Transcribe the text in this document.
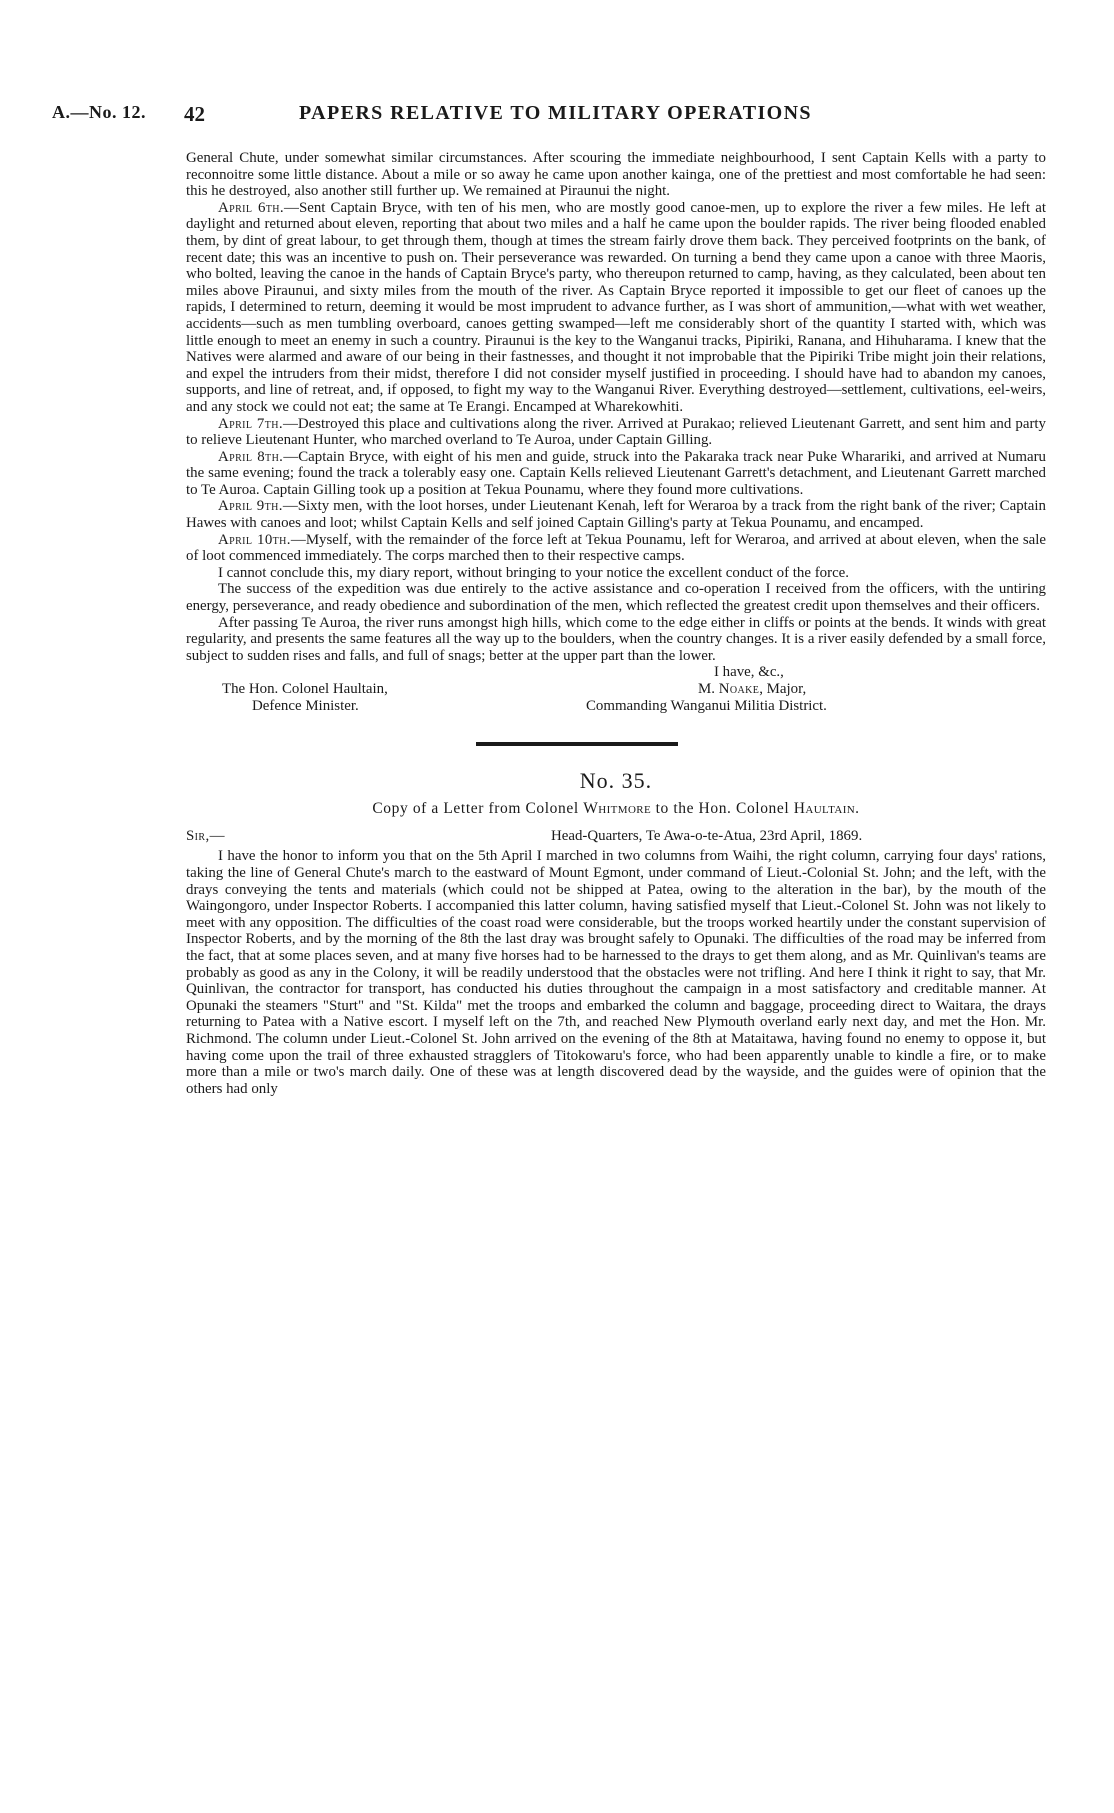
A.—No. 12. 42	PAPERS RELATIVE TO MILITARY OPERATIONS

General Chute, under somewhat similar circumstances. After scouring the immediate neighbourhood, I sent Captain Kells with a party to reconnoitre some little distance. About a mile or so away he came upon another kainga, one of the prettiest and most comfortable he had seen: this he destroyed, also another still further up. We remained at Piraunui the night.

April 6th.—Sent Captain Bryce, with ten of his men, who are mostly good canoe-men, up to explore the river a few miles. He left at daylight and returned about eleven, reporting that about two miles and a half he came upon the boulder rapids. The river being flooded enabled them, by dint of great labour, to get through them, though at times the stream fairly drove them back. They perceived footprints on the bank, of recent date; this was an incentive to push on. Their perseverance was rewarded. On turning a bend they came upon a canoe with three Maoris, who bolted, leaving the canoe in the hands of Captain Bryce's party, who thereupon returned to camp, having, as they calculated, been about ten miles above Piraunui, and sixty miles from the mouth of the river. As Captain Bryce reported it impossible to get our fleet of canoes up the rapids, I determined to return, deeming it would be most imprudent to advance further, as I was short of ammunition,—what with wet weather, accidents—such as men tumbling overboard, canoes getting swamped—left me considerably short of the quantity I started with, which was little enough to meet an enemy in such a country. Piraunui is the key to the Wanganui tracks, Pipiriki, Ranana, and Hihuharama. I knew that the Natives were alarmed and aware of our being in their fastnesses, and thought it not improbable that the Pipiriki Tribe might join their relations, and expel the intruders from their midst, therefore I did not consider myself justified in proceeding. I should have had to abandon my canoes, supports, and line of retreat, and, if opposed, to fight my way to the Wanganui River. Everything destroyed—settlement, cultivations, eel-weirs, and any stock we could not eat; the same at Te Erangi. Encamped at Wharekowhiti.

April 7th.—Destroyed this place and cultivations along the river. Arrived at Purakao; relieved Lieutenant Garrett, and sent him and party to relieve Lieutenant Hunter, who marched overland to Te Auroa, under Captain Gilling.

April 8th.—Captain Bryce, with eight of his men and guide, struck into the Pakaraka track near Puke Wharariki, and arrived at Numaru the same evening; found the track a tolerably easy one. Captain Kells relieved Lieutenant Garrett's detachment, and Lieutenant Garrett marched to Te Auroa. Captain Gilling took up a position at Tekua Pounamu, where they found more cultivations.

April 9th.—Sixty men, with the loot horses, under Lieutenant Kenah, left for Weraroa by a track from the right bank of the river; Captain Hawes with canoes and loot; whilst Captain Kells and self joined Captain Gilling's party at Tekua Pounamu, and encamped.

April 10th.—Myself, with the remainder of the force left at Tekua Pounamu, left for Weraroa, and arrived at about eleven, when the sale of loot commenced immediately. The corps marched then to their respective camps.

I cannot conclude this, my diary report, without bringing to your notice the excellent conduct of the force.

The success of the expedition was due entirely to the active assistance and co-operation I received from the officers, with the untiring energy, perseverance, and ready obedience and subordination of the men, which reflected the greatest credit upon themselves and their officers.

After passing Te Auroa, the river runs amongst high hills, which come to the edge either in cliffs or points at the bends. It winds with great regularity, and presents the same features all the way up to the boulders, when the country changes. It is a river easily defended by a small force, subject to sudden rises and falls, and full of snags; better at the upper part than the lower.

I have, &c.,
The Hon. Colonel Haultain,
Defence Minister.
M. Noake, Major,
Commanding Wanganui Militia District.
No. 35.
Copy of a Letter from Colonel Whitmore to the Hon. Colonel Haultain.
Sir,—	Head-Quarters, Te Awa-o-te-Atua, 23rd April, 1869.

I have the honor to inform you that on the 5th April I marched in two columns from Waihi, the right column, carrying four days' rations, taking the line of General Chute's march to the eastward of Mount Egmont, under command of Lieut.-Colonial St. John; and the left, with the drays conveying the tents and materials (which could not be shipped at Patea, owing to the alteration in the bar), by the mouth of the Waingongoro, under Inspector Roberts. I accompanied this latter column, having satisfied myself that Lieut.-Colonel St. John was not likely to meet with any opposition. The difficulties of the coast road were considerable, but the troops worked heartily under the constant supervision of Inspector Roberts, and by the morning of the 8th the last dray was brought safely to Opunaki. The difficulties of the road may be inferred from the fact, that at some places seven, and at many five horses had to be harnessed to the drays to get them along, and as Mr. Quinlivan's teams are probably as good as any in the Colony, it will be readily understood that the obstacles were not trifling. And here I think it right to say, that Mr. Quinlivan, the contractor for transport, has conducted his duties throughout the campaign in a most satisfactory and creditable manner. At Opunaki the steamers "Sturt" and "St. Kilda" met the troops and embarked the column and baggage, proceeding direct to Waitara, the drays returning to Patea with a Native escort. I myself left on the 7th, and reached New Plymouth overland early next day, and met the Hon. Mr. Richmond. The column under Lieut.-Colonel St. John arrived on the evening of the 8th at Mataitawa, having found no enemy to oppose it, but having come upon the trail of three exhausted stragglers of Titokowaru's force, who had been apparently unable to kindle a fire, or to make more than a mile or two's march daily. One of these was at length discovered dead by the wayside, and the guides were of opinion that the others had only
